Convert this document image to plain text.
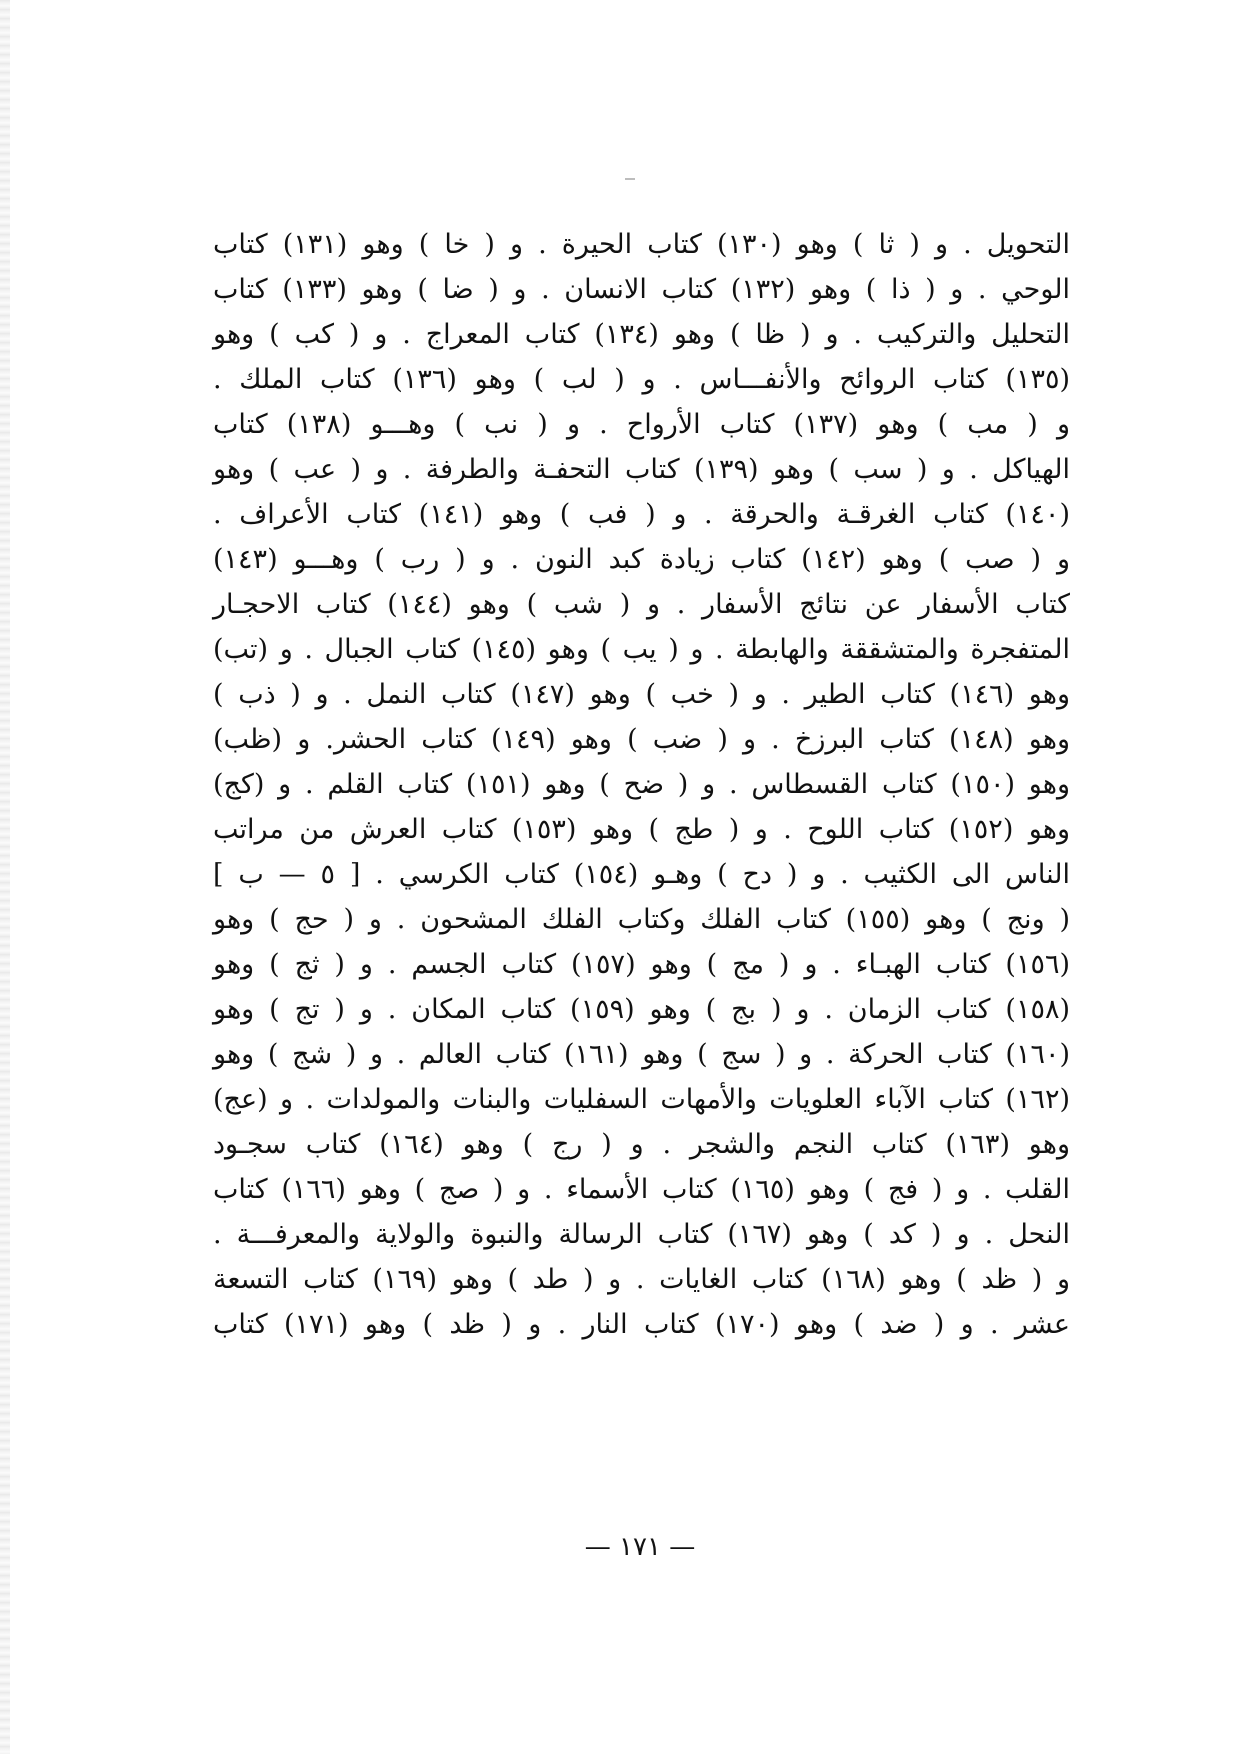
التحويل . و ( ثا ) وهو (١٣٠) كتاب الحيرة . و ( خا ) وهو (١٣١) كتاب
الوحي . و ( ذا ) وهو (١٣٢) كتاب الانسان . و ( ضا ) وهو (١٣٣) كتاب
التحليل والتركيب . و ( ظا ) وهو (١٣٤) كتاب المعراج . و ( كب ) وهو
(١٣٥) كتاب الروائح والأنفـــاس . و ( لب ) وهو (١٣٦) كتاب الملك .
و ( مب ) وهو (١٣٧) كتاب الأرواح . و ( نب ) وهـــو (١٣٨) كتاب
الهياكل . و ( سب ) وهو (١٣٩) كتاب التحفـة والطرفة . و ( عب ) وهو
(١٤٠) كتاب الغرقـة والحرقة . و ( فب ) وهو (١٤١) كتاب الأعراف .
و ( صب ) وهو (١٤٢) كتاب زيادة كبد النون . و ( رب ) وهـــو (١٤٣)
كتاب الأسفار عن نتائج الأسفار . و ( شب ) وهو (١٤٤) كتاب الاحجـار
المتفجرة والمتشققة والهابطة . و ( يب ) وهو (١٤٥) كتاب الجبال . و (تب)
وهو (١٤٦) كتاب الطير . و ( خب ) وهو (١٤٧) كتاب النمل . و ( ذب )
وهو (١٤٨) كتاب البرزخ . و ( ضب ) وهو (١٤٩) كتاب الحشر. و (ظب)
وهو (١٥٠) كتاب القسطاس . و ( ضح ) وهو (١٥١) كتاب القلم . و (كج)
وهو (١٥٢) كتاب اللوح . و ( طج ) وهو (١٥٣) كتاب العرش من مراتب
الناس الى الكثيب . و ( دح ) وهـو (١٥٤) كتاب الكرسي . [ ٥ — ب ]
( ونج ) وهو (١٥٥) كتاب الفلك وكتاب الفلك المشحون . و ( حج ) وهو
(١٥٦) كتاب الهبـاء . و ( مج ) وهو (١٥٧) كتاب الجسم . و ( ثج ) وهو
(١٥٨) كتاب الزمان . و ( بج ) وهو (١٥٩) كتاب المكان . و ( تج ) وهو
(١٦٠) كتاب الحركة . و ( سج ) وهو (١٦١) كتاب العالم . و ( شج ) وهو
(١٦٢) كتاب الآباء العلويات والأمهات السفليات والبنات والمولدات . و (عج)
وهو (١٦٣) كتاب النجم والشجر . و ( رج ) وهو (١٦٤) كتاب سجـود
القلب . و ( فج ) وهو (١٦٥) كتاب الأسماء . و ( صج ) وهو (١٦٦) كتاب
النحل . و ( كد ) وهو (١٦٧) كتاب الرسالة والنبوة والولاية والمعرفـــة .
و ( ظد ) وهو (١٦٨) كتاب الغايات . و ( طد ) وهو (١٦٩) كتاب التسعة
عشر . و ( ضد ) وهو (١٧٠) كتاب النار . و ( ظد ) وهو (١٧١) كتاب
— ١٧١ —
